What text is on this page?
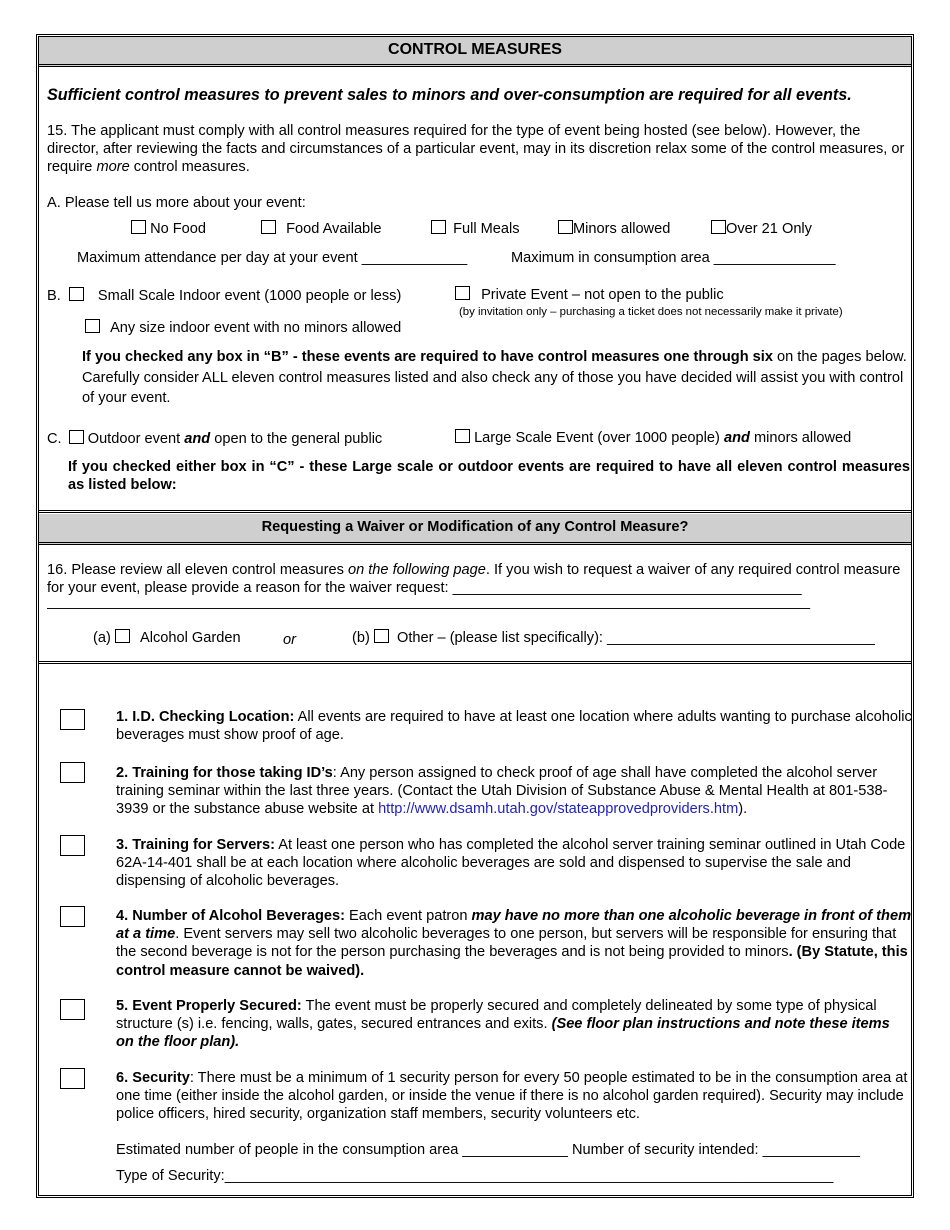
CONTROL MEASURES
Sufficient control measures to prevent sales to minors and over-consumption are required for all events.
15. The applicant must comply with all control measures required for the type of event being hosted (see below). However, the director, after reviewing the facts and circumstances of a particular event, may in its discretion relax some of the control measures, or require more control measures.
A. Please tell us more about your event:
No Food	Food Available	Full Meals	Minors allowed	Over 21 Only
Maximum attendance per day at your event _____________	Maximum in consumption area _______________
B.	Small Scale Indoor event (1000 people or less)	Private Event – not open to the public
(by invitation only – purchasing a ticket does not necessarily make it private)
Any size indoor event with no minors allowed
If you checked any box in “B” - these events are required to have control measures one through six on the pages below. Carefully consider ALL eleven control measures listed and also check any of those you have decided will assist you with control of your event.
C. Outdoor event and open to the general public	Large Scale Event (over 1000 people) and minors allowed
If you checked either box in “C” - these Large scale or outdoor events are required to have all eleven control measures as listed below:
Requesting a Waiver or Modification of any Control Measure?
16. Please review all eleven control measures on the following page. If you wish to request a waiver of any required control measure for your event, please provide a reason for the waiver request: ___________________________________________
______________________________________________________________________________________________
(a) Alcohol Garden	or	(b) Other – (please list specifically): _________________________________
1. I.D. Checking Location: All events are required to have at least one location where adults wanting to purchase alcoholic beverages must show proof of age.
2. Training for those taking ID’s: Any person assigned to check proof of age shall have completed the alcohol server training seminar within the last three years. (Contact the Utah Division of Substance Abuse & Mental Health at 801-538-3939 or the substance abuse website at http://www.dsamh.utah.gov/stateapprovedproviders.htm).
3. Training for Servers: At least one person who has completed the alcohol server training seminar outlined in Utah Code 62A-14-401 shall be at each location where alcoholic beverages are sold and dispensed to supervise the sale and dispensing of alcoholic beverages.
4. Number of Alcohol Beverages: Each event patron may have no more than one alcoholic beverage in front of them at a time. Event servers may sell two alcoholic beverages to one person, but servers will be responsible for ensuring that the second beverage is not for the person purchasing the beverages and is not being provided to minors. (By Statute, this control measure cannot be waived).
5. Event Properly Secured: The event must be properly secured and completely delineated by some type of physical structure (s) i.e. fencing, walls, gates, secured entrances and exits. (See floor plan instructions and note these items on the floor plan).
6. Security: There must be a minimum of 1 security person for every 50 people estimated to be in the consumption area at one time (either inside the alcohol garden, or inside the venue if there is no alcohol garden required). Security may include police officers, hired security, organization staff members, security volunteers etc.
Estimated number of people in the consumption area _____________ Number of security intended: ____________
Type of Security:___________________________________________________________________________
